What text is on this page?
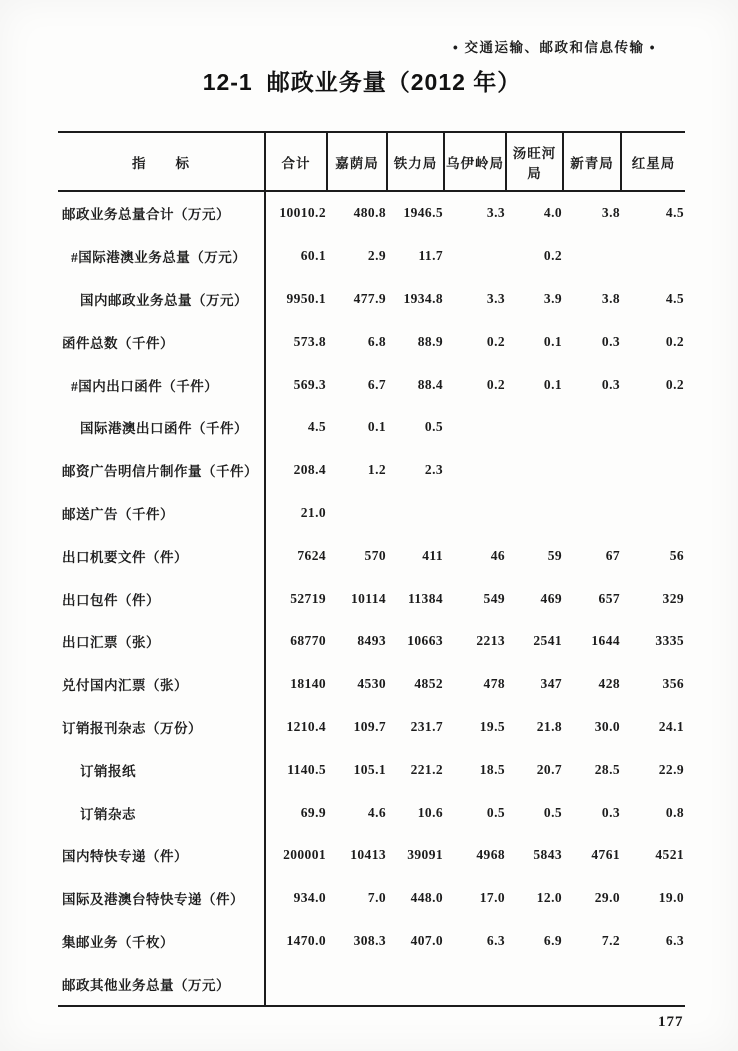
• 交通运输、邮政和信息传输 •
12-1 邮政业务量（2012 年）
指　　标	合计	嘉荫局	铁力局	乌伊岭局	汤旺河局	新青局	红星局
邮政业务总量合计（万元）	10010.2	480.8	1946.5	3.3	4.0	3.8	4.5
#国际港澳业务总量（万元）	60.1	2.9	11.7		0.2		
国内邮政业务总量（万元）	9950.1	477.9	1934.8	3.3	3.9	3.8	4.5
函件总数（千件）	573.8	6.8	88.9	0.2	0.1	0.3	0.2
#国内出口函件（千件）	569.3	6.7	88.4	0.2	0.1	0.3	0.2
国际港澳出口函件（千件）	4.5	0.1	0.5				
邮资广告明信片制作量（千件）	208.4	1.2	2.3				
邮送广告（千件）	21.0						
出口机要文件（件）	7624	570	411	46	59	67	56
出口包件（件）	52719	10114	11384	549	469	657	329
出口汇票（张）	68770	8493	10663	2213	2541	1644	3335
兑付国内汇票（张）	18140	4530	4852	478	347	428	356
订销报刊杂志（万份）	1210.4	109.7	231.7	19.5	21.8	30.0	24.1
订销报纸	1140.5	105.1	221.2	18.5	20.7	28.5	22.9
订销杂志	69.9	4.6	10.6	0.5	0.5	0.3	0.8
国内特快专递（件）	200001	10413	39091	4968	5843	4761	4521
国际及港澳台特快专递（件）	934.0	7.0	448.0	17.0	12.0	29.0	19.0
集邮业务（千枚）	1470.0	308.3	407.0	6.3	6.9	7.2	6.3
邮政其他业务总量（万元）							
177
